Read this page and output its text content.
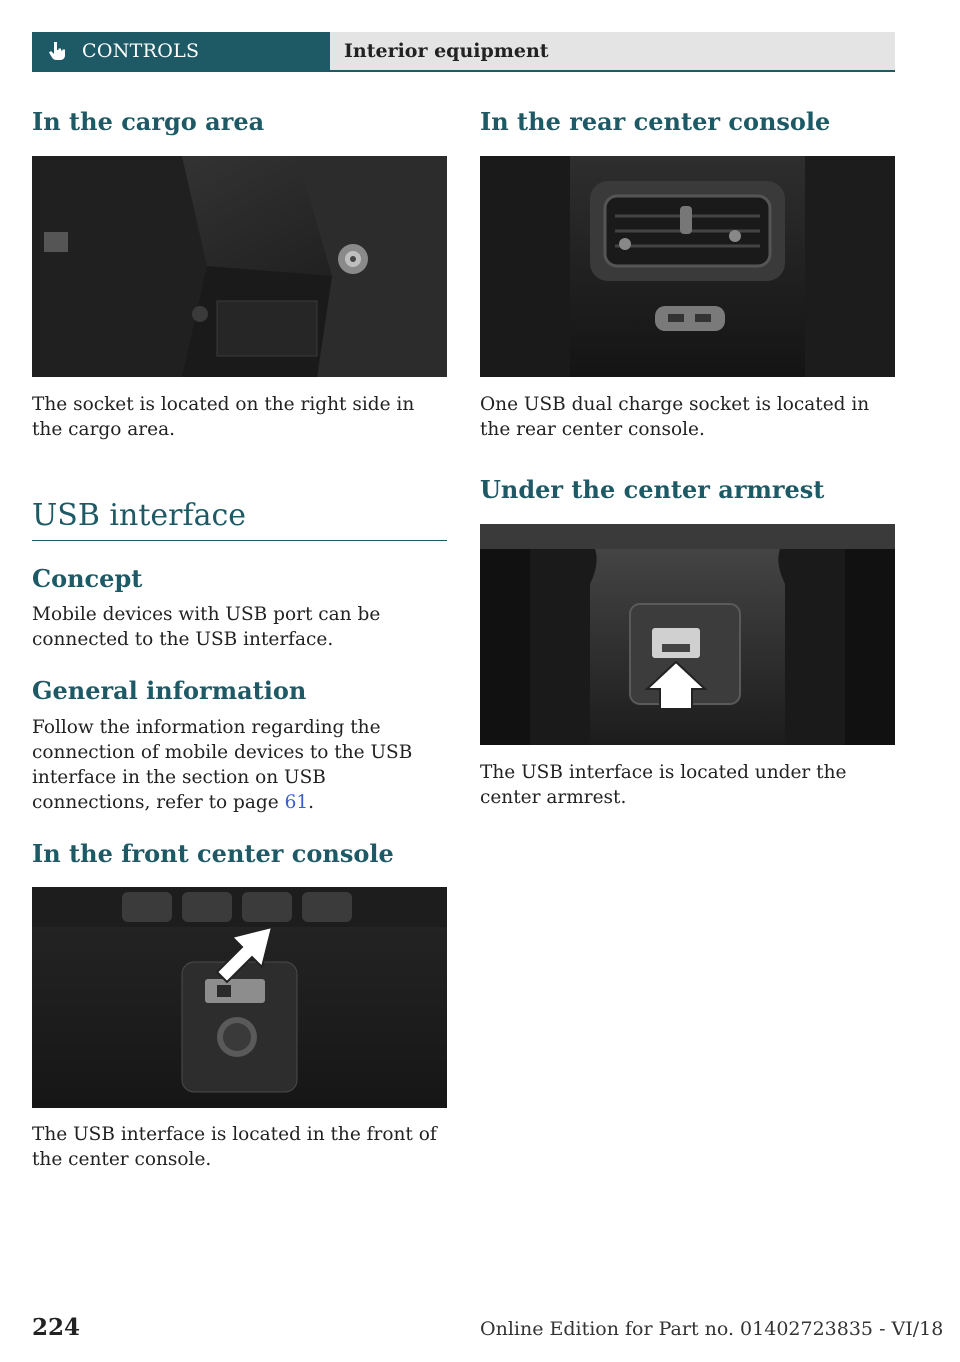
CONTROLS	Interior equipment
In the cargo area

The socket is located on the right side in the cargo area.

USB interface
Concept

Mobile devices with USB port can be connected to the USB interface.

General information

Follow the information regarding the connection of mobile devices to the USB interface in the section on USB connections, refer to page 61.

In the front center console

The USB interface is located in the front of the center console.

In the rear center console

One USB dual charge socket is located in the rear center console.

Under the center armrest

The USB interface is located under the center armrest.

224	Online Edition for Part no. 01402723835 - VI/18
